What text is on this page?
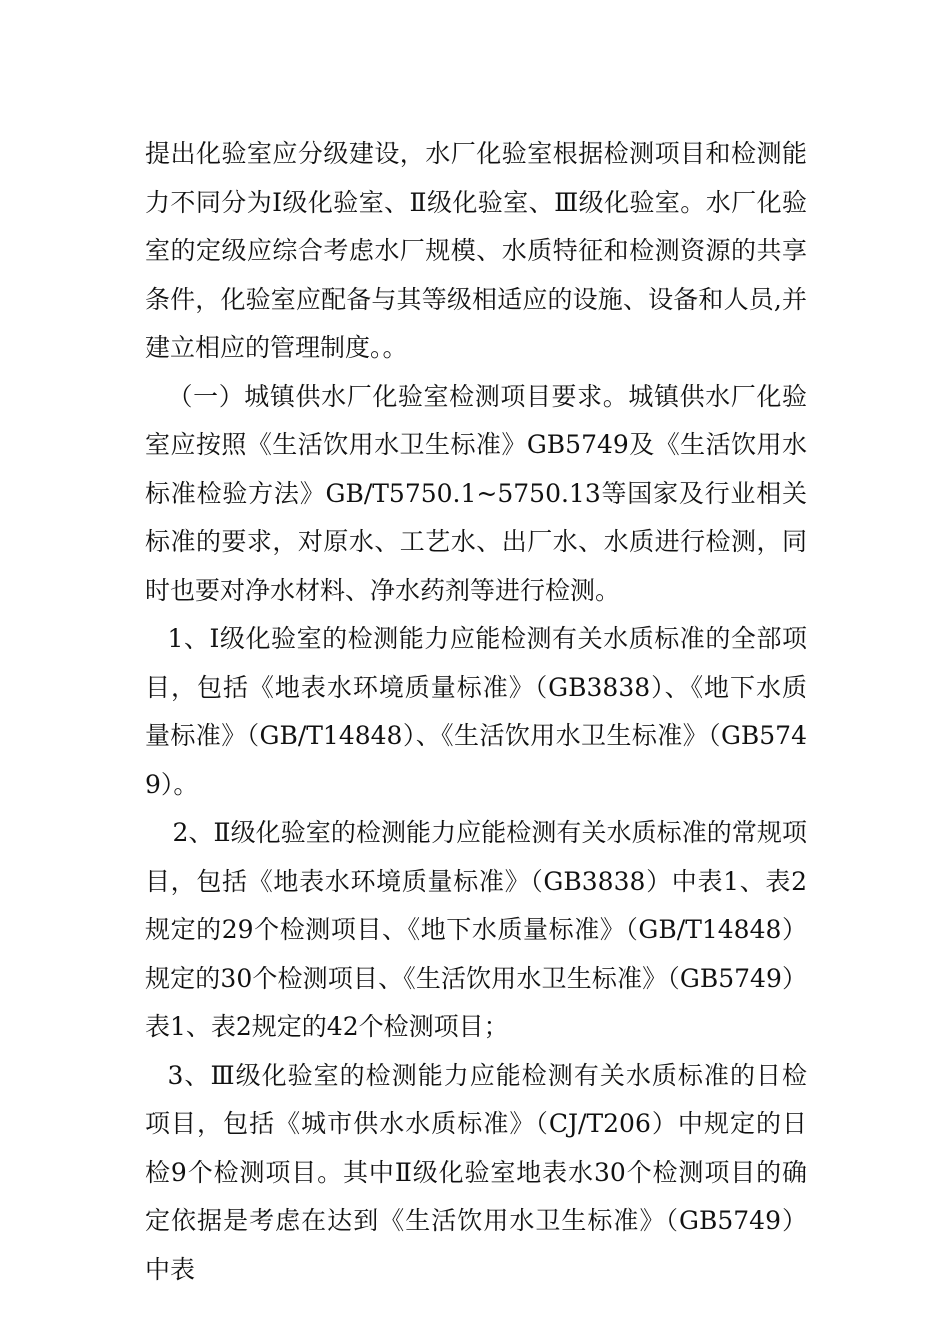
提出化验室应分级建设，水厂化验室根据检测项目和检测能力不同分为Ⅰ级化验室、Ⅱ级化验室、Ⅲ级化验室。水厂化验室的定级应综合考虑水厂规模、水质特征和检测资源的共享条件，化验室应配备与其等级相适应的设施、设备和人员,并建立相应的管理制度。。

（一）城镇供水厂化验室检测项目要求。城镇供水厂化验室应按照《生活饮用水卫生标准》GB5749及《生活饮用水标准检验方法》GB/T5750.1~5750.13等国家及行业相关标准的要求，对原水、工艺水、出厂水、水质进行检测，同时也要对净水材料、净水药剂等进行检测。

1、Ⅰ级化验室的检测能力应能检测有关水质标准的全部项目，包括《地表水环境质量标准》（GB3838）、《地下水质量标准》（GB/T14848）、《生活饮用水卫生标准》（GB5749）。

2、Ⅱ级化验室的检测能力应能检测有关水质标准的常规项目，包括《地表水环境质量标准》（GB3838）中表1、表2规定的29个检测项目、《地下水质量标准》（GB/T14848）规定的30个检测项目、《生活饮用水卫生标准》（GB5749）表1、表2规定的42个检测项目；

3、Ⅲ级化验室的检测能力应能检测有关水质标准的日检项目，包括《城市供水水质标准》（CJ/T206）中规定的日检9个检测项目。其中Ⅱ级化验室地表水30个检测项目的确定依据是考虑在达到《生活饮用水卫生标准》（GB5749）中表
